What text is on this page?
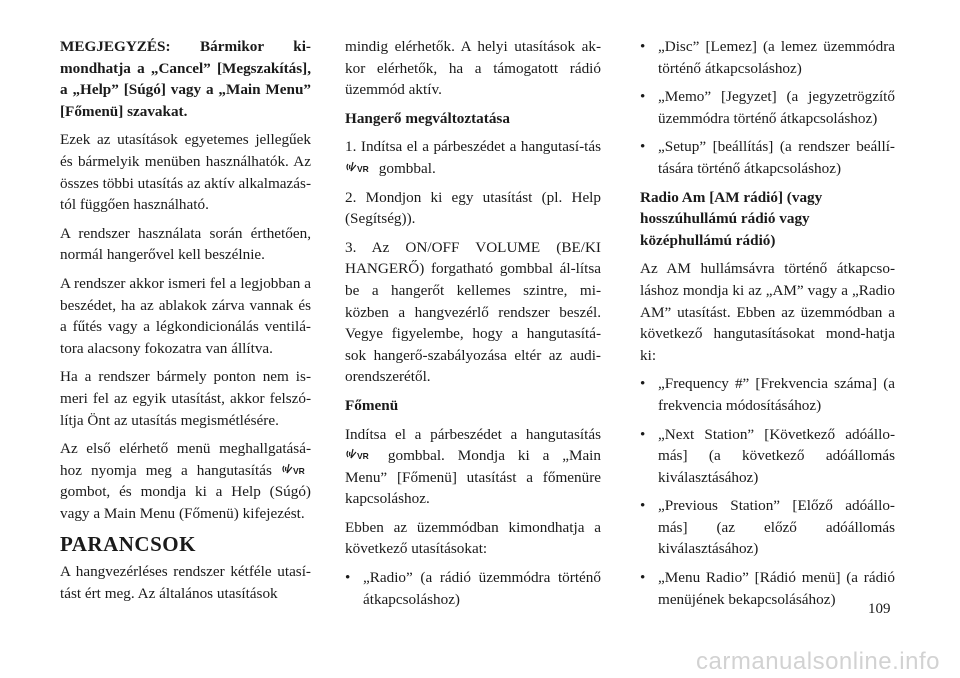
MEGJEGYZÉS: Bármikor ki-mondhatja a „Cancel” [Megszakítás], a „Help” [Súgó] vagy a „Main Menu” [Főmenü] szavakat.

Ezek az utasítások egyetemes jellegűek és bármelyik menüben használhatók. Az összes többi utasítás az aktív alkalmazás-tól függően használható.

A rendszer használata során érthetően, normál hangerővel kell beszélnie.

A rendszer akkor ismeri fel a legjobban a beszédet, ha az ablakok zárva vannak és a fűtés vagy a légkondicionálás ventilá-tora alacsony fokozatra van állítva.

Ha a rendszer bármely ponton nem is-meri fel az egyik utasítást, akkor felszó-lítja Önt az utasítás megismétlésére.

Az első elérhető menü meghallgatásá-hoz nyomja meg a hangutasítás VR
gombot, és mondja ki a Help (Súgó) vagy a Main Menu (Főmenü) kifejezést.

PARANCSOK

A hangvezérléses rendszer kétféle utasí-tást ért meg. Az általános utasítások

mindig elérhetők. A helyi utasítások ak-kor elérhetők, ha a támogatott rádió üzemmód aktív.

Hangerő megváltoztatása

1. Indítsa el a párbeszédet a hangutasí-tás
VR gombbal.

2. Mondjon ki egy utasítást (pl. Help (Segítség)).

3. Az ON/OFF VOLUME (BE/KI HANGERŐ) forgatható gombbal ál-lítsa be a hangerőt kellemes szintre, mi-közben a hangvezérlő rendszer beszél. Vegye figyelembe, hogy a hangutasítá-sok hangerő-szabályozása eltér az audi-orendszerétől.

Főmenü

Indítsa el a párbeszédet a hangutasítás
VR gombbal. Mondja ki a „Main Menu” [Főmenü] utasítást a főmenüre kapcsoláshoz.

Ebben az üzemmódban kimondhatja a következő utasításokat:

• „Radio” (a rádió üzemmódra történő átkapcsoláshoz)
• „Disc” [Lemez] (a lemez üzemmódra történő átkapcsoláshoz)
• „Memo” [Jegyzet] (a jegyzetrögzítő üzemmódra történő átkapcsoláshoz)
• „Setup” [beállítás] (a rendszer beállí-tására történő átkapcsoláshoz)

Radio Am [AM rádió] (vagy hosszúhullámú rádió vagy középhullámú rádió)

Az AM hullámsávra történő átkapcso-láshoz mondja ki az „AM” vagy a „Radio AM” utasítást. Ebben az üzemmódban a következő hangutasításokat mond-hatja ki:

• „Frequency #” [Frekvencia száma] (a frekvencia módosításához)
• „Next Station” [Következő adóállo-más] (a következő adóállomás kiválasztásához)
• „Previous Station” [Előző adóállo-más] (az előző adóállomás kiválasztásához)
• „Menu Radio” [Rádió menü] (a rádió menüjének bekapcsolásához)
109
carmanualsonline.info
